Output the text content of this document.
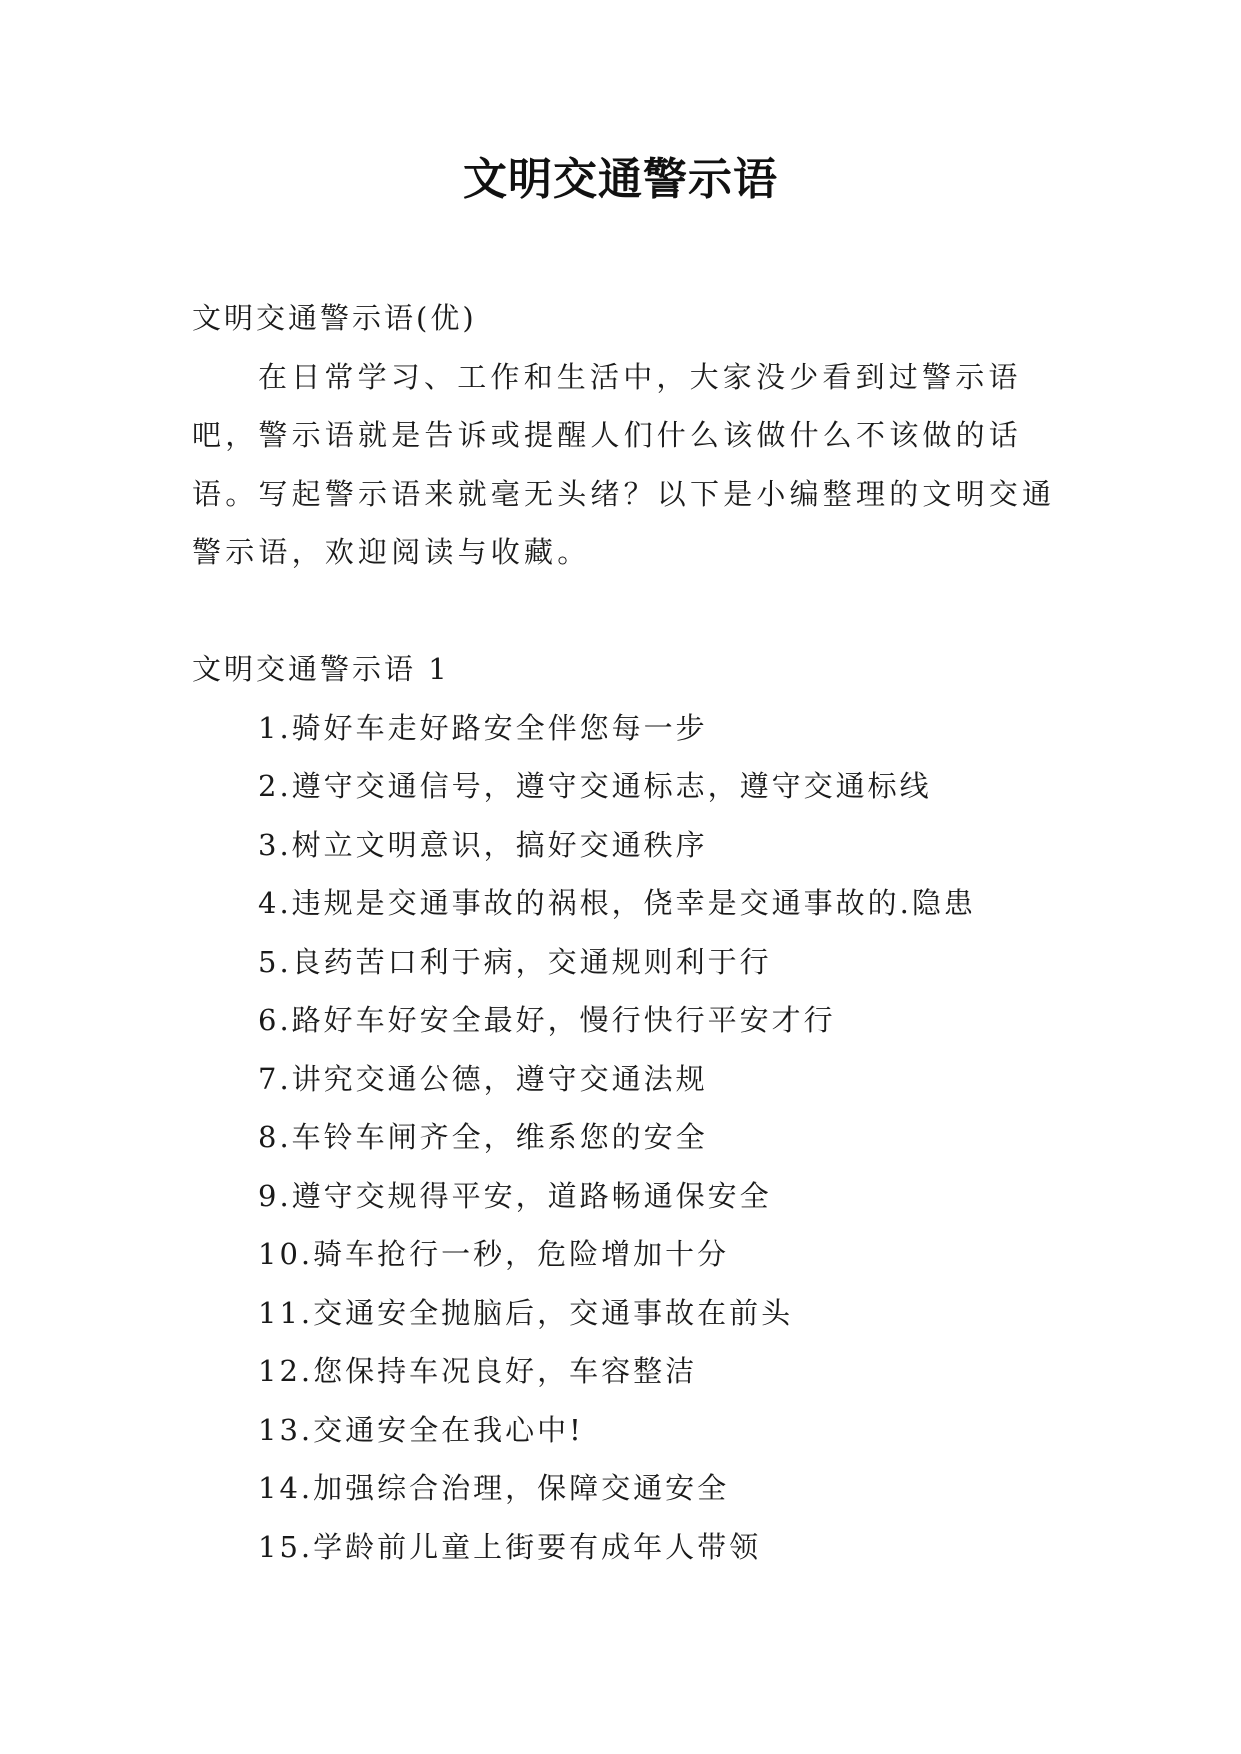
文明交通警示语
文明交通警示语(优)
在日常学习、工作和生活中，大家没少看到过警示语吧，警示语就是告诉或提醒人们什么该做什么不该做的话语。写起警示语来就毫无头绪？以下是小编整理的文明交通警示语，欢迎阅读与收藏。
文明交通警示语 1
1.骑好车走好路安全伴您每一步
2.遵守交通信号，遵守交通标志，遵守交通标线
3.树立文明意识，搞好交通秩序
4.违规是交通事故的祸根，侥幸是交通事故的.隐患
5.良药苦口利于病，交通规则利于行
6.路好车好安全最好，慢行快行平安才行
7.讲究交通公德，遵守交通法规
8.车铃车闸齐全，维系您的安全
9.遵守交规得平安，道路畅通保安全
10.骑车抢行一秒，危险增加十分
11.交通安全抛脑后，交通事故在前头
12.您保持车况良好，车容整洁
13.交通安全在我心中!
14.加强综合治理，保障交通安全
15.学龄前儿童上街要有成年人带领
